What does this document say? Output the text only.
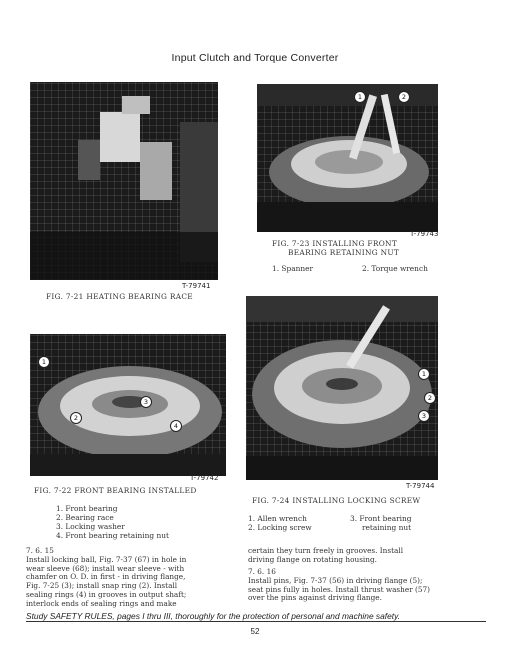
Input Clutch and Torque Converter
T-79741
FIG. 7-21 HEATING BEARING RACE
1	2
T-79743
FIG. 7-23 INSTALLING FRONT
BEARING RETAINING NUT
1. Spanner	2. Torque wrench
1
2
3
4
T-79742
FIG. 7-22 FRONT BEARING INSTALLED
1. Front bearing
2. Bearing race
3. Locking washer
4. Front bearing retaining nut
1
2
3
T-79744
FIG. 7-24 INSTALLING LOCKING SCREW
1. Allen wrench
2. Locking screw
3. Front bearing
retaining nut
7. 6. 15
Install locking ball, Fig. 7-37 (67) in hole in
wear sleeve (68); install wear sleeve - with
chamfer on O. D. in first - in driving flange,
Fig. 7-25 (3); install snap ring (2). Install
sealing rings (4) in grooves in output shaft;
interlock ends of sealing rings and make
certain they turn freely in grooves. Install
driving flange on rotating housing.
7. 6. 16
Install pins, Fig. 7-37 (56) in driving flange (5);
seat pins fully in holes. Install thrust washer (57)
over the pins against driving flange.
Study SAFETY RULES, pages I thru III, thoroughly for the protection of personal and machine safety.
52
